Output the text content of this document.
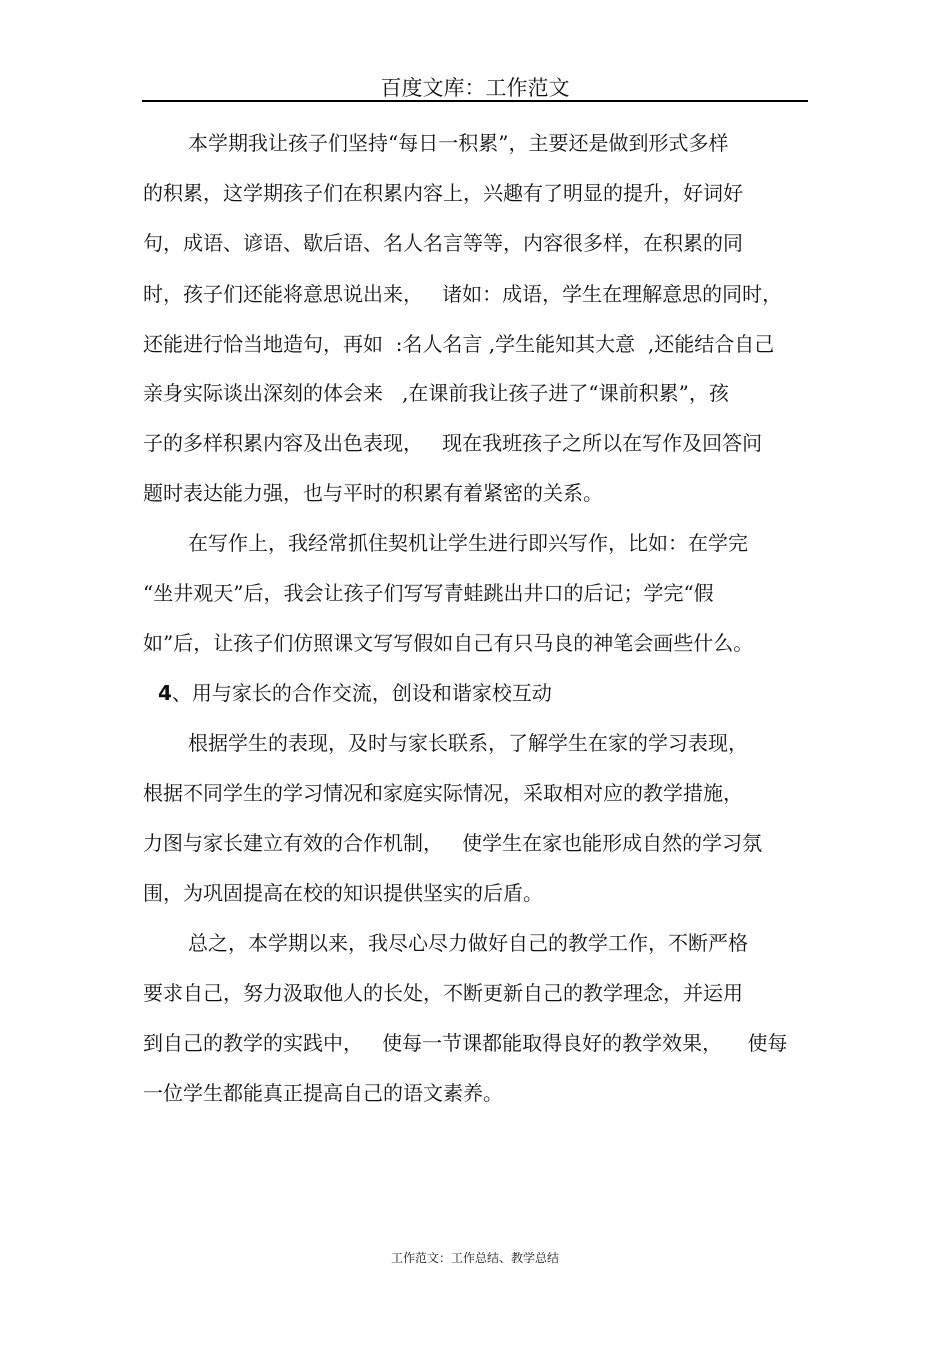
百度文库：工作范文
本学期我让孩子们坚持“每日一积累”，主要还是做到形式多样
的积累，这学期孩子们在积累内容上，兴趣有了明显的提升，好词好
句，成语、谚语、歇后语、名人名言等等，内容很多样，在积累的同
时，孩子们还能将意思说出来，   诸如：成语，学生在理解意思的同时，
还能进行恰当地造句，再如  :名人名言 ,学生能知其大意  ,还能结合自己
亲身实际谈出深刻的体会来   ,在课前我让孩子进了“课前积累”，孩
子的多样积累内容及出色表现，   现在我班孩子之所以在写作及回答问
题时表达能力强，也与平时的积累有着紧密的关系。
在写作上，我经常抓住契机让学生进行即兴写作，比如：在学完
“坐井观天”后，我会让孩子们写写青蛙跳出井口的后记；学完“假
如”后，让孩子们仿照课文写写假如自己有只马良的神笔会画些什么。
4、用与家长的合作交流，创设和谐家校互动
根据学生的表现，及时与家长联系，了解学生在家的学习表现，
根据不同学生的学习情况和家庭实际情况，采取相对应的教学措施，
力图与家长建立有效的合作机制，   使学生在家也能形成自然的学习氛
围，为巩固提高在校的知识提供坚实的后盾。
总之，本学期以来，我尽心尽力做好自己的教学工作，不断严格
要求自己，努力汲取他人的长处，不断更新自己的教学理念，并运用
到自己的教学的实践中，   使每一节课都能取得良好的教学效果，    使每
一位学生都能真正提高自己的语文素养。
工作范文：工作总结、教学总结
